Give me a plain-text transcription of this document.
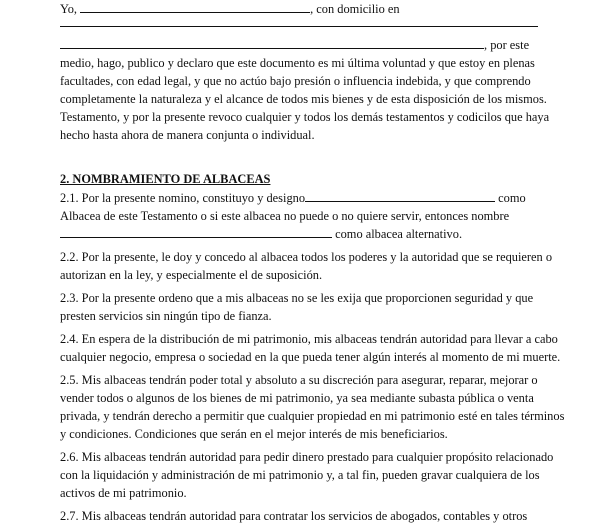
Yo,	, con domicilio en
, por este
medio, hago, publico y declaro que este documento es mi última voluntad y que estoy en plenas
facultades, con edad legal, y que no actúo bajo presión o influencia indebida, y que comprendo
completamente la naturaleza y el alcance de todos mis bienes y de esta disposición de los mismos.
Testamento, y por la presente revoco cualquier y todos los demás testamentos y codicilos que haya
hecho hasta ahora de manera conjunta o individual.
2. NOMBRAMIENTO DE ALBACEAS
2.1. Por la presente nomino, constituyo y designo	como
Albacea de este Testamento o si este albacea no puede o no quiere servir, entonces nombre
como albacea alternativo.
2.2. Por la presente, le doy y concedo al albacea todos los poderes y la autoridad que se requieren o
autorizan en la ley, y especialmente el de suposición.
2.3. Por la presente ordeno que a mis albaceas no se les exija que proporcionen seguridad y que
presten servicios sin ningún tipo de fianza.
2.4. En espera de la distribución de mi patrimonio, mis albaceas tendrán autoridad para llevar a cabo
cualquier negocio, empresa o sociedad en la que pueda tener algún interés al momento de mi muerte.
2.5. Mis albaceas tendrán poder total y absoluto a su discreción para asegurar, reparar, mejorar o
vender todos o algunos de los bienes de mi patrimonio, ya sea mediante subasta pública o venta
privada, y tendrán derecho a permitir que cualquier propiedad en mi patrimonio esté en tales términos
y condiciones. Condiciones que serán en el mejor interés de mis beneficiarios.
2.6. Mis albaceas tendrán autoridad para pedir dinero prestado para cualquier propósito relacionado
con la liquidación y administración de mi patrimonio y, a tal fin, pueden gravar cualquiera de los
activos de mi patrimonio.
2.7. Mis albaceas tendrán autoridad para contratar los servicios de abogados, contables y otros
